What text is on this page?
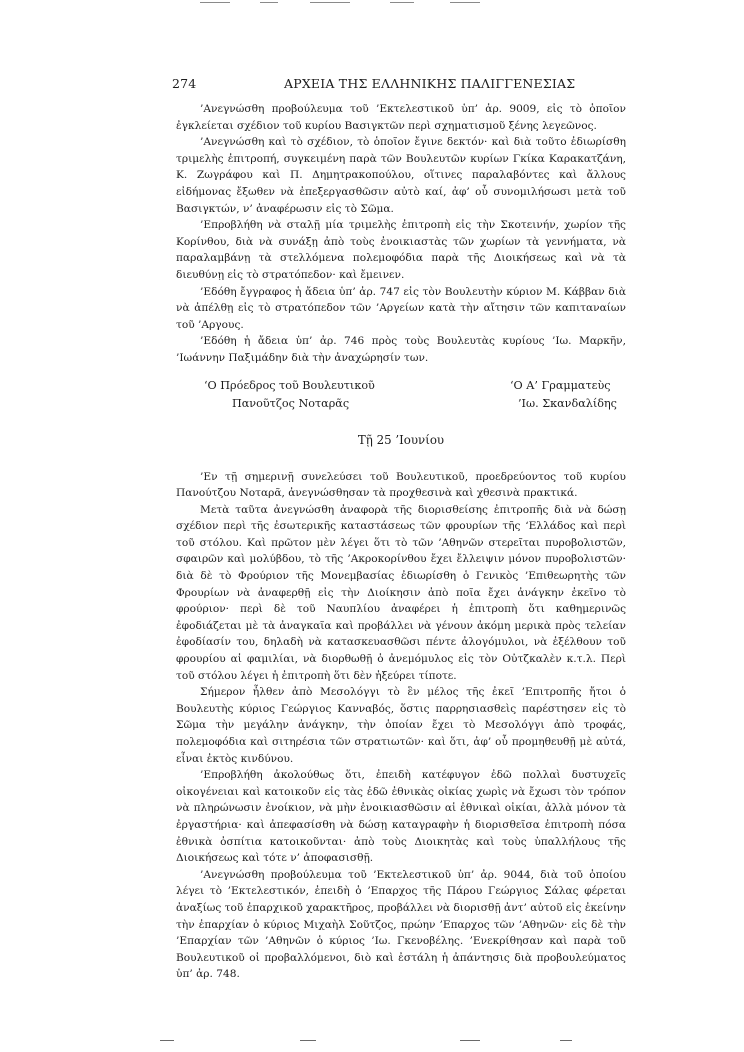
274	ΑΡΧΕΙΑ ΤΗΣ ΕΛΛΗΝΙΚΗΣ ΠΑΛΙΓΓΕΝΕΣΙΑΣ

’Ανεγνώσθη προβούλευμα τοῦ ’Εκτελεστικοῦ ὑπ’ ἀρ. 9009, εἰς τὸ ὁποῖον ἐγκλείεται σχέδιον τοῦ κυρίου Βασιγκτῶν περὶ σχηματισμοῦ ξένης λεγεῶνος.

’Ανεγνώσθη καὶ τὸ σχέδιον, τὸ ὁποῖον ἔγινε δεκτόν· καὶ διὰ τοῦτο ἐδιωρίσθη τριμελὴς ἐπιτροπή, συγκειμένη παρὰ τῶν Βουλευτῶν κυρίων Γκίκα Καρακατζάνη, Κ. Ζωγράφου καὶ Π. Δημητρακοπούλου, οἵτινες παραλαβόντες καὶ ἄλλους εἰδήμονας ἔξωθεν νὰ ἐπεξεργασθῶσιν αὐτὸ καί, ἀφ’ οὗ συνομιλήσωσι μετὰ τοῦ Βασιγκτών, ν’ ἀναφέρωσιν εἰς τὸ Σῶμα.

’Επροβλήθη νὰ σταλῇ μία τριμελὴς ἐπιτροπὴ εἰς τὴν Σκοτεινήν, χωρίον τῆς Κορίνθου, διὰ νὰ συνάξῃ ἀπὸ τοὺς ἐνοικιαστὰς τῶν χωρίων τὰ γεννήματα, νὰ παραλαμβάνῃ τὰ στελλόμενα πολεμοφόδια παρὰ τῆς Διοικήσεως καὶ νὰ τὰ διευθύνῃ εἰς τὸ στρατόπεδον· καὶ ἔμεινεν.

’Εδόθη ἔγγραφος ἡ ἄδεια ὑπ’ ἀρ. 747 εἰς τὸν Βουλευτὴν κύριον Μ. Κάββαν διὰ νὰ ἀπέλθῃ εἰς τὸ στρατόπεδον τῶν ’Αργείων κατὰ τὴν αἴτησιν τῶν καπιταναίων τοῦ ’Αργους.

’Εδόθη ἡ ἄδεια ὑπ’ ἀρ. 746 πρὸς τοὺς Βουλευτὰς κυρίους ’Ιω. Μαρκῆν, ’Ιωάννην Παξιμάδην διὰ τὴν ἀναχώρησίν των.

‘Ο Πρόεδρος τοῦ Βουλευτικοῦ
Πανοῦτζος Νοταρᾶς
‘Ο Α’ Γραμματεὺς
’Ιω. Σκανδαλίδης
Τῇ 25 ’Ιουνίου

’Εν τῇ σημερινῇ συνελεύσει τοῦ Βουλευτικοῦ, προεδρεύοντος τοῦ κυρίου Πανούτζου Νοταρᾶ, ἀνεγνώσθησαν τὰ προχθεσινὰ καὶ χθεσινὰ πρακτικά.

Μετὰ ταῦτα ἀνεγνώσθη ἀναφορὰ τῆς διορισθείσης ἐπιτροπῆς διὰ νὰ δώσῃ σχέδιον περὶ τῆς ἐσωτερικῆς καταστάσεως τῶν φρουρίων τῆς ‘Ελλάδος καὶ περὶ τοῦ στόλου. Καὶ πρῶτον μὲν λέγει ὅτι τὸ τῶν ’Αθηνῶν στερεῖται πυροβολιστῶν, σφαιρῶν καὶ μολύβδου, τὸ τῆς ’Ακροκορίνθου ἔχει ἔλλειψιν μόνον πυροβολιστῶν· διὰ δὲ τὸ Φρούριον τῆς Μονεμβασίας ἐδιωρίσθη ὁ Γενικὸς ’Επιθεωρητὴς τῶν Φρουρίων νὰ ἀναφερθῇ εἰς τὴν Διοίκησιν ἀπὸ ποῖα ἔχει ἀνάγκην ἐκεῖνο τὸ φρούριον· περὶ δὲ τοῦ Ναυπλίου ἀναφέρει ἡ ἐπιτροπὴ ὅτι καθημερινῶς ἐφοδιάζεται μὲ τὰ ἀναγκαῖα καὶ προβάλλει νὰ γένουν ἀκόμη μερικὰ πρὸς τελείαν ἐφοδίασίν του, δηλαδὴ νὰ κατασκευασθῶσι πέντε ἀλογόμυλοι, νὰ ἐξέλθουν τοῦ φρουρίου αἱ φαμιλίαι, νὰ διορθωθῇ ὁ ἀνεμόμυλος εἰς τὸν Οὐτζκαλὲν κ.τ.λ. Περὶ τοῦ στόλου λέγει ἡ ἐπιτροπὴ ὅτι δὲν ἠξεύρει τίποτε.

Σήμερον ἦλθεν ἀπὸ Μεσολόγγι τὸ ἓν μέλος τῆς ἐκεῖ ’Επιτροπῆς ἤτοι ὁ Βουλευτὴς κύριος Γεώργιος Κανναβός, ὅστις παρρησιασθεὶς παρέστησεν εἰς τὸ Σῶμα τὴν μεγάλην ἀνάγκην, τὴν ὁποίαν ἔχει τὸ Μεσολόγγι ἀπὸ τροφάς, πολεμοφόδια καὶ σιτηρέσια τῶν στρατιωτῶν· καὶ ὅτι, ἀφ’ οὗ προμηθευθῇ μὲ αὐτά, εἶναι ἐκτὸς κινδύνου.

’Επροβλήθη ἀκολούθως ὅτι, ἐπειδὴ κατέφυγον ἐδῶ πολλαὶ δυστυχεῖς οἰκογένειαι καὶ κατοικοῦν εἰς τὰς ἐδῶ ἐθνικὰς οἰκίας χωρὶς νὰ ἔχωσι τὸν τρόπον νὰ πληρώνωσιν ἐνοίκιον, νὰ μὴν ἐνοικιασθῶσιν αἱ ἐθνικαὶ οἰκίαι, ἀλλὰ μόνον τὰ ἐργαστήρια· καὶ ἀπεφασίσθη νὰ δώσῃ καταγραφὴν ἡ διορισθεῖσα ἐπιτροπὴ πόσα ἐθνικὰ ὀσπίτια κατοικοῦνται· ἀπὸ τοὺς Διοικητὰς καὶ τοὺς ὑπαλλήλους τῆς Διοικήσεως καὶ τότε ν’ ἀποφασισθῇ.

’Ανεγνώσθη προβούλευμα τοῦ ’Εκτελεστικοῦ ὑπ’ ἀρ. 9044, διὰ τοῦ ὁποίου λέγει τὸ ’Εκτελεστικόν, ἐπειδὴ ὁ ’Επαρχος τῆς Πάρου Γεώργιος Σάλας φέρεται ἀναξίως τοῦ ἐπαρχικοῦ χαρακτῆρος, προβάλλει νὰ διορισθῇ ἀντ’ αὐτοῦ εἰς ἐκείνην τὴν ἐπαρχίαν ὁ κύριος Μιχαὴλ Σοῦτζος, πρώην ’Επαρχος τῶν ’Αθηνῶν· εἰς δὲ τὴν ’Επαρχίαν τῶν ’Αθηνῶν ὁ κύριος ’Ιω. Γκενοβέλης. ’Ενεκρίθησαν καὶ παρὰ τοῦ Βουλευτικοῦ οἱ προβαλλόμενοι, διὸ καὶ ἐστάλη ἡ ἀπάντησις διὰ προβουλεύματος ὑπ’ ἀρ. 748.
